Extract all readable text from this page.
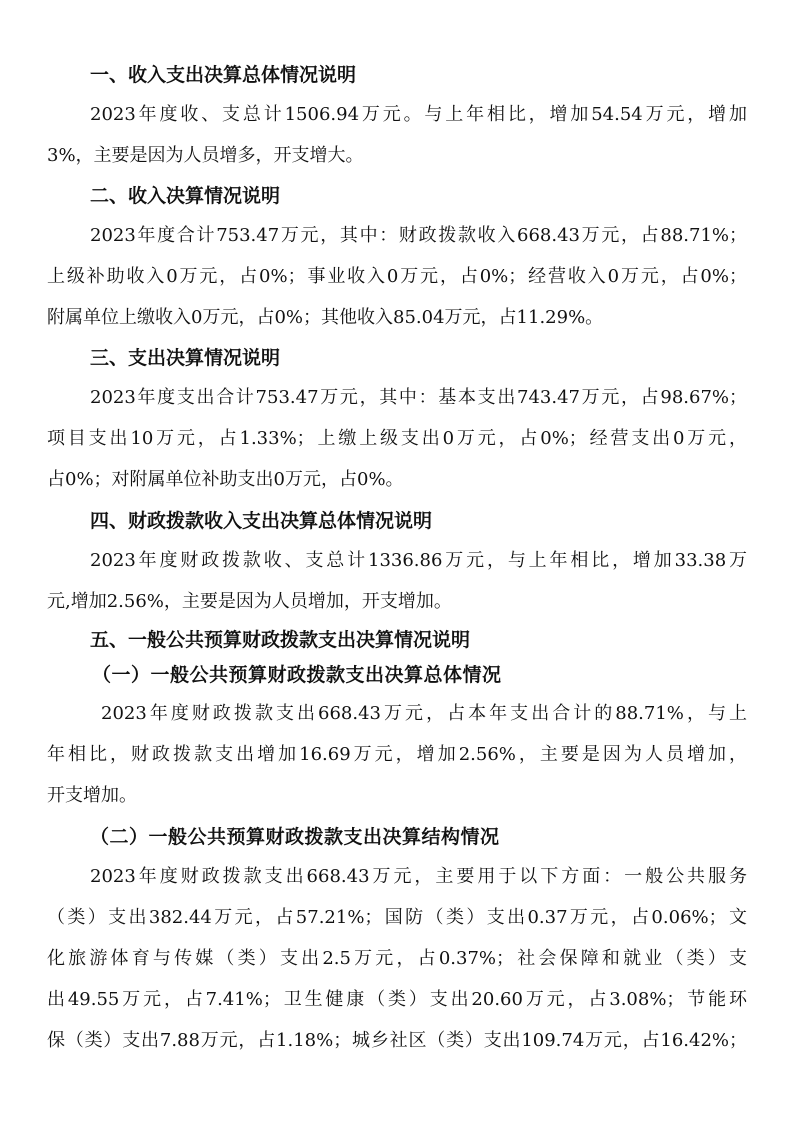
一、收入支出决算总体情况说明
2023年度收、支总计1506.94万元。与上年相比，增加54.54万元，增加
3%，主要是因为人员增多，开支增大。
二、收入决算情况说明
2023年度合计753.47万元，其中：财政拨款收入668.43万元，占88.71%；
上级补助收入0万元，占0%；事业收入0万元，占0%；经营收入0万元，占0%；
附属单位上缴收入0万元，占0%；其他收入85.04万元，占11.29%。
三、支出决算情况说明
2023年度支出合计753.47万元，其中：基本支出743.47万元，占98.67%；
项目支出10万元，占1.33%；上缴上级支出0万元，占0%；经营支出0万元，
占0%；对附属单位补助支出0万元，占0%。
四、财政拨款收入支出决算总体情况说明
2023年度财政拨款收、支总计1336.86万元，与上年相比，增加33.38万
元,增加2.56%，主要是因为人员增加，开支增加。
五、一般公共预算财政拨款支出决算情况说明
（一）一般公共预算财政拨款支出决算总体情况
2023年度财政拨款支出668.43万元，占本年支出合计的88.71%，与上
年相比，财政拨款支出增加16.69万元，增加2.56%，主要是因为人员增加，
开支增加。
（二）一般公共预算财政拨款支出决算结构情况
2023年度财政拨款支出668.43万元，主要用于以下方面：一般公共服务
（类）支出382.44万元，占57.21%；国防（类）支出0.37万元，占0.06%；文
化旅游体育与传媒（类）支出2.5万元，占0.37%；社会保障和就业（类）支
出49.55万元，占7.41%；卫生健康（类）支出20.60万元，占3.08%；节能环
保（类）支出7.88万元，占1.18%；城乡社区（类）支出109.74万元，占16.42%；
